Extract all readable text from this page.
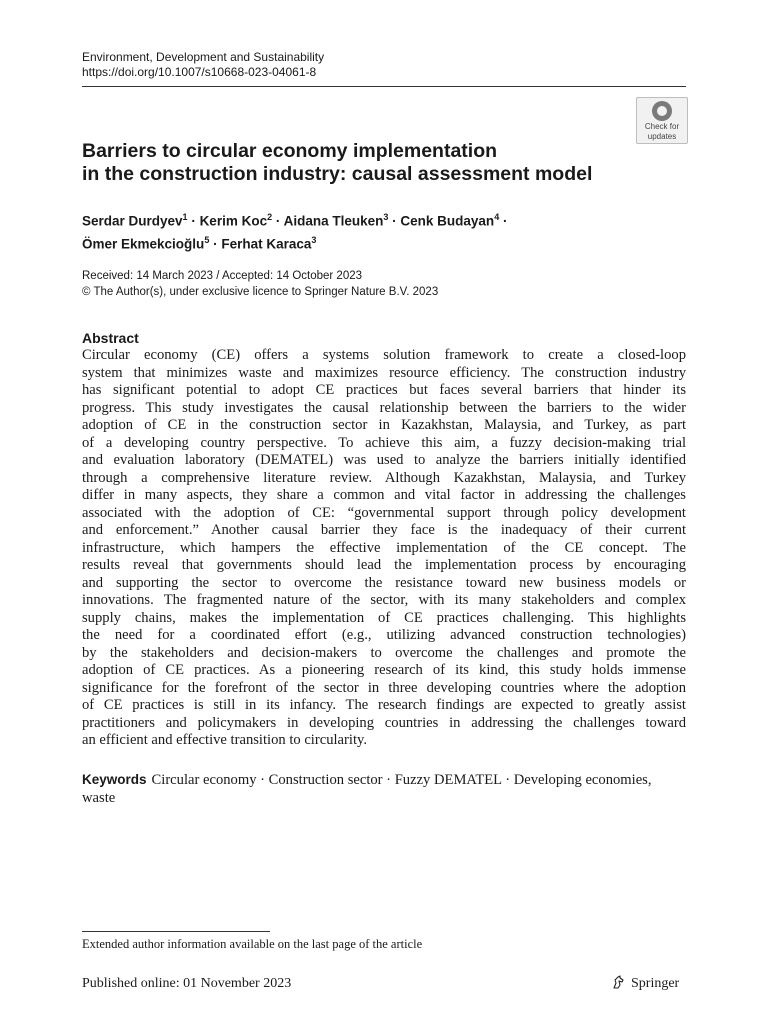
Environment, Development and Sustainability
https://doi.org/10.1007/s10668-023-04061-8
Check for
updates
Barriers to circular economy implementation
in the construction industry: causal assessment model
Serdar Durdyev$^1$ · Kerim Koc$^2$ · Aidana Tleuken$^3$ · Cenk Budayan$^4$ ·
Ömer Ekmekcioğlu$^5$ · Ferhat Karaca$^3$
Received: 14 March 2023 / Accepted: 14 October 2023
© The Author(s), under exclusive licence to Springer Nature B.V. 2023
Abstract

Circular economy (CE) offers a systems solution framework to create a closed-loop

system that minimizes waste and maximizes resource efficiency. The construction industry

has significant potential to adopt CE practices but faces several barriers that hinder its

progress. This study investigates the causal relationship between the barriers to the wider

adoption of CE in the construction sector in Kazakhstan, Malaysia, and Turkey, as part

of a developing country perspective. To achieve this aim, a fuzzy decision-making trial

and evaluation laboratory (DEMATEL) was used to analyze the barriers initially identified

through a comprehensive literature review. Although Kazakhstan, Malaysia, and Turkey

differ in many aspects, they share a common and vital factor in addressing the challenges

associated with the adoption of CE: “governmental support through policy development

and enforcement.” Another causal barrier they face is the inadequacy of their current

infrastructure, which hampers the effective implementation of the CE concept. The

results reveal that governments should lead the implementation process by encouraging

and supporting the sector to overcome the resistance toward new business models or

innovations. The fragmented nature of the sector, with its many stakeholders and complex

supply chains, makes the implementation of CE practices challenging. This highlights

the need for a coordinated effort (e.g., utilizing advanced construction technologies)

by the stakeholders and decision-makers to overcome the challenges and promote the

adoption of CE practices. As a pioneering research of its kind, this study holds immense

significance for the forefront of the sector in three developing countries where the adoption

of CE practices is still in its infancy. The research findings are expected to greatly assist

practitioners and policymakers in developing countries in addressing the challenges toward

an efficient and effective transition to circularity.

Keywords Circular economy · Construction sector · Fuzzy DEMATEL · Developing economies, waste
Extended author information available on the last page of the article
Published online: 01 November 2023	Springer
